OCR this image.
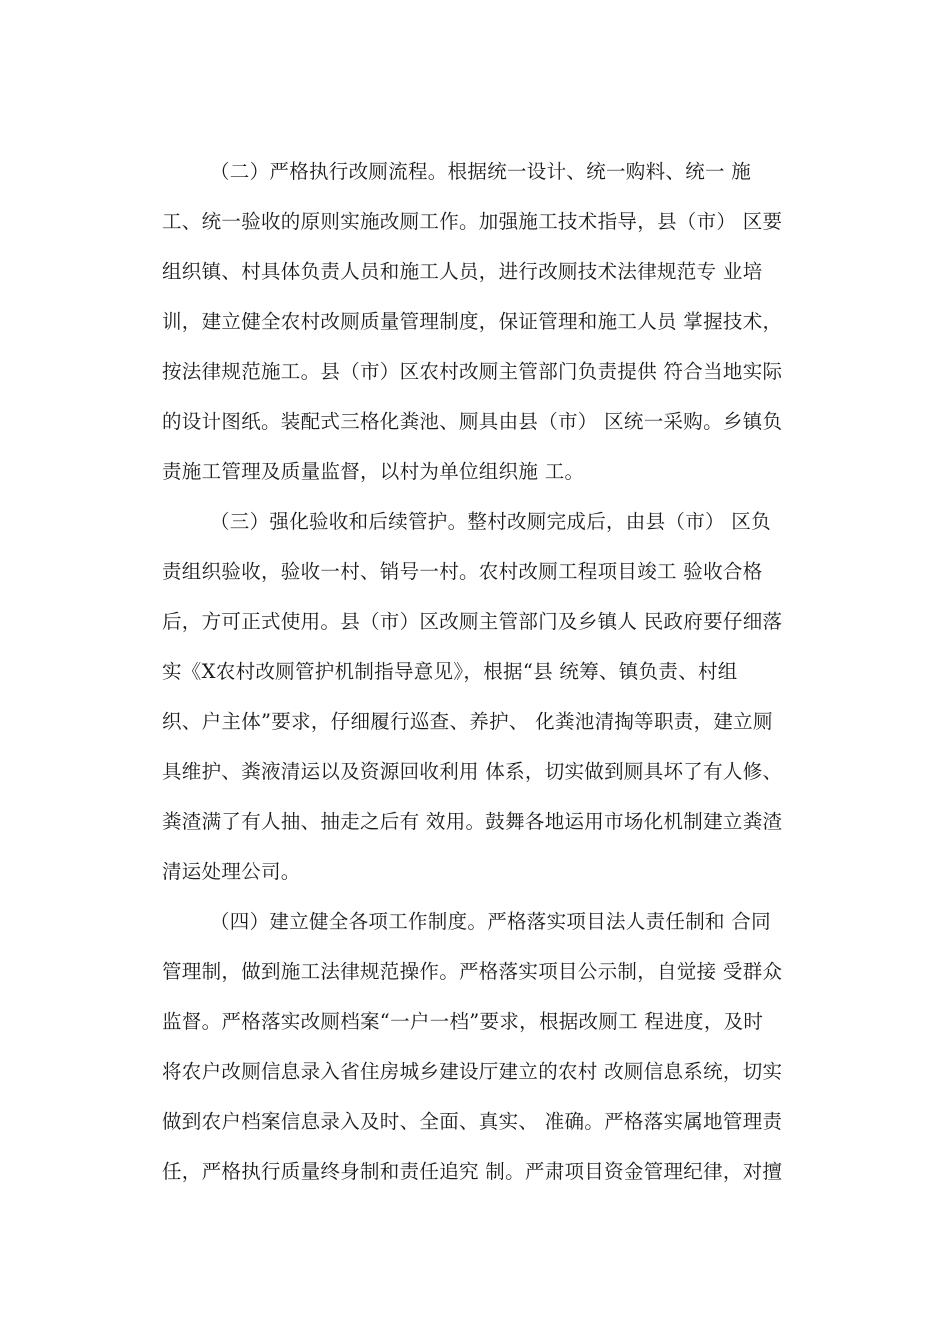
（二）严格执行改厕流程。根据统一设计、统一购料、统一 施
工、统一验收的原则实施改厕工作。加强施工技术指导，县（市） 区要
组织镇、村具体负责人员和施工人员，进行改厕技术法律规范专 业培
训，建立健全农村改厕质量管理制度，保证管理和施工人员 掌握技术，
按法律规范施工。县（市）区农村改厕主管部门负责提供 符合当地实际
的设计图纸。装配式三格化粪池、厕具由县（市） 区统一采购。乡镇负
责施工管理及质量监督，以村为单位组织施 工。
（三）强化验收和后续管护。整村改厕完成后，由县（市） 区负
责组织验收，验收一村、销号一村。农村改厕工程项目竣工 验收合格
后，方可正式使用。县（市）区改厕主管部门及乡镇人 民政府要仔细落
实《X农村改厕管护机制指导意见》，根据“县 统筹、镇负责、村组
织、户主体”要求，仔细履行巡查、养护、 化粪池清掏等职责，建立厕
具维护、粪液清运以及资源回收利用 体系，切实做到厕具坏了有人修、
粪渣满了有人抽、抽走之后有 效用。鼓舞各地运用市场化机制建立粪渣
清运处理公司。
（四）建立健全各项工作制度。严格落实项目法人责任制和 合同
管理制，做到施工法律规范操作。严格落实项目公示制，自觉接 受群众
监督。严格落实改厕档案“一户一档”要求，根据改厕工 程进度，及时
将农户改厕信息录入省住房城乡建设厅建立的农村 改厕信息系统，切实
做到农户档案信息录入及时、全面、真实、 准确。严格落实属地管理责
任，严格执行质量终身制和责任追究 制。严肃项目资金管理纪律，对擅
